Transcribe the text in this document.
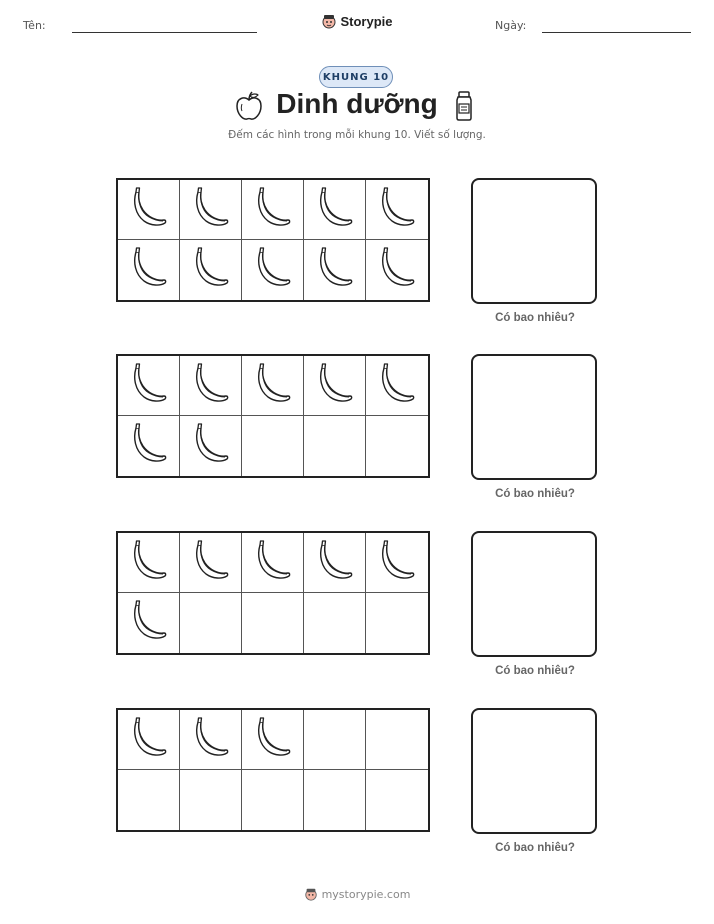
Tên:	Storypie	Ngày:
KHUNG 10
Dinh dưỡng
Đếm các hình trong mỗi khung 10. Viết số lượng.
Có bao nhiêu?
Có bao nhiêu?
Có bao nhiêu?
Có bao nhiêu?
mystorypie.com
